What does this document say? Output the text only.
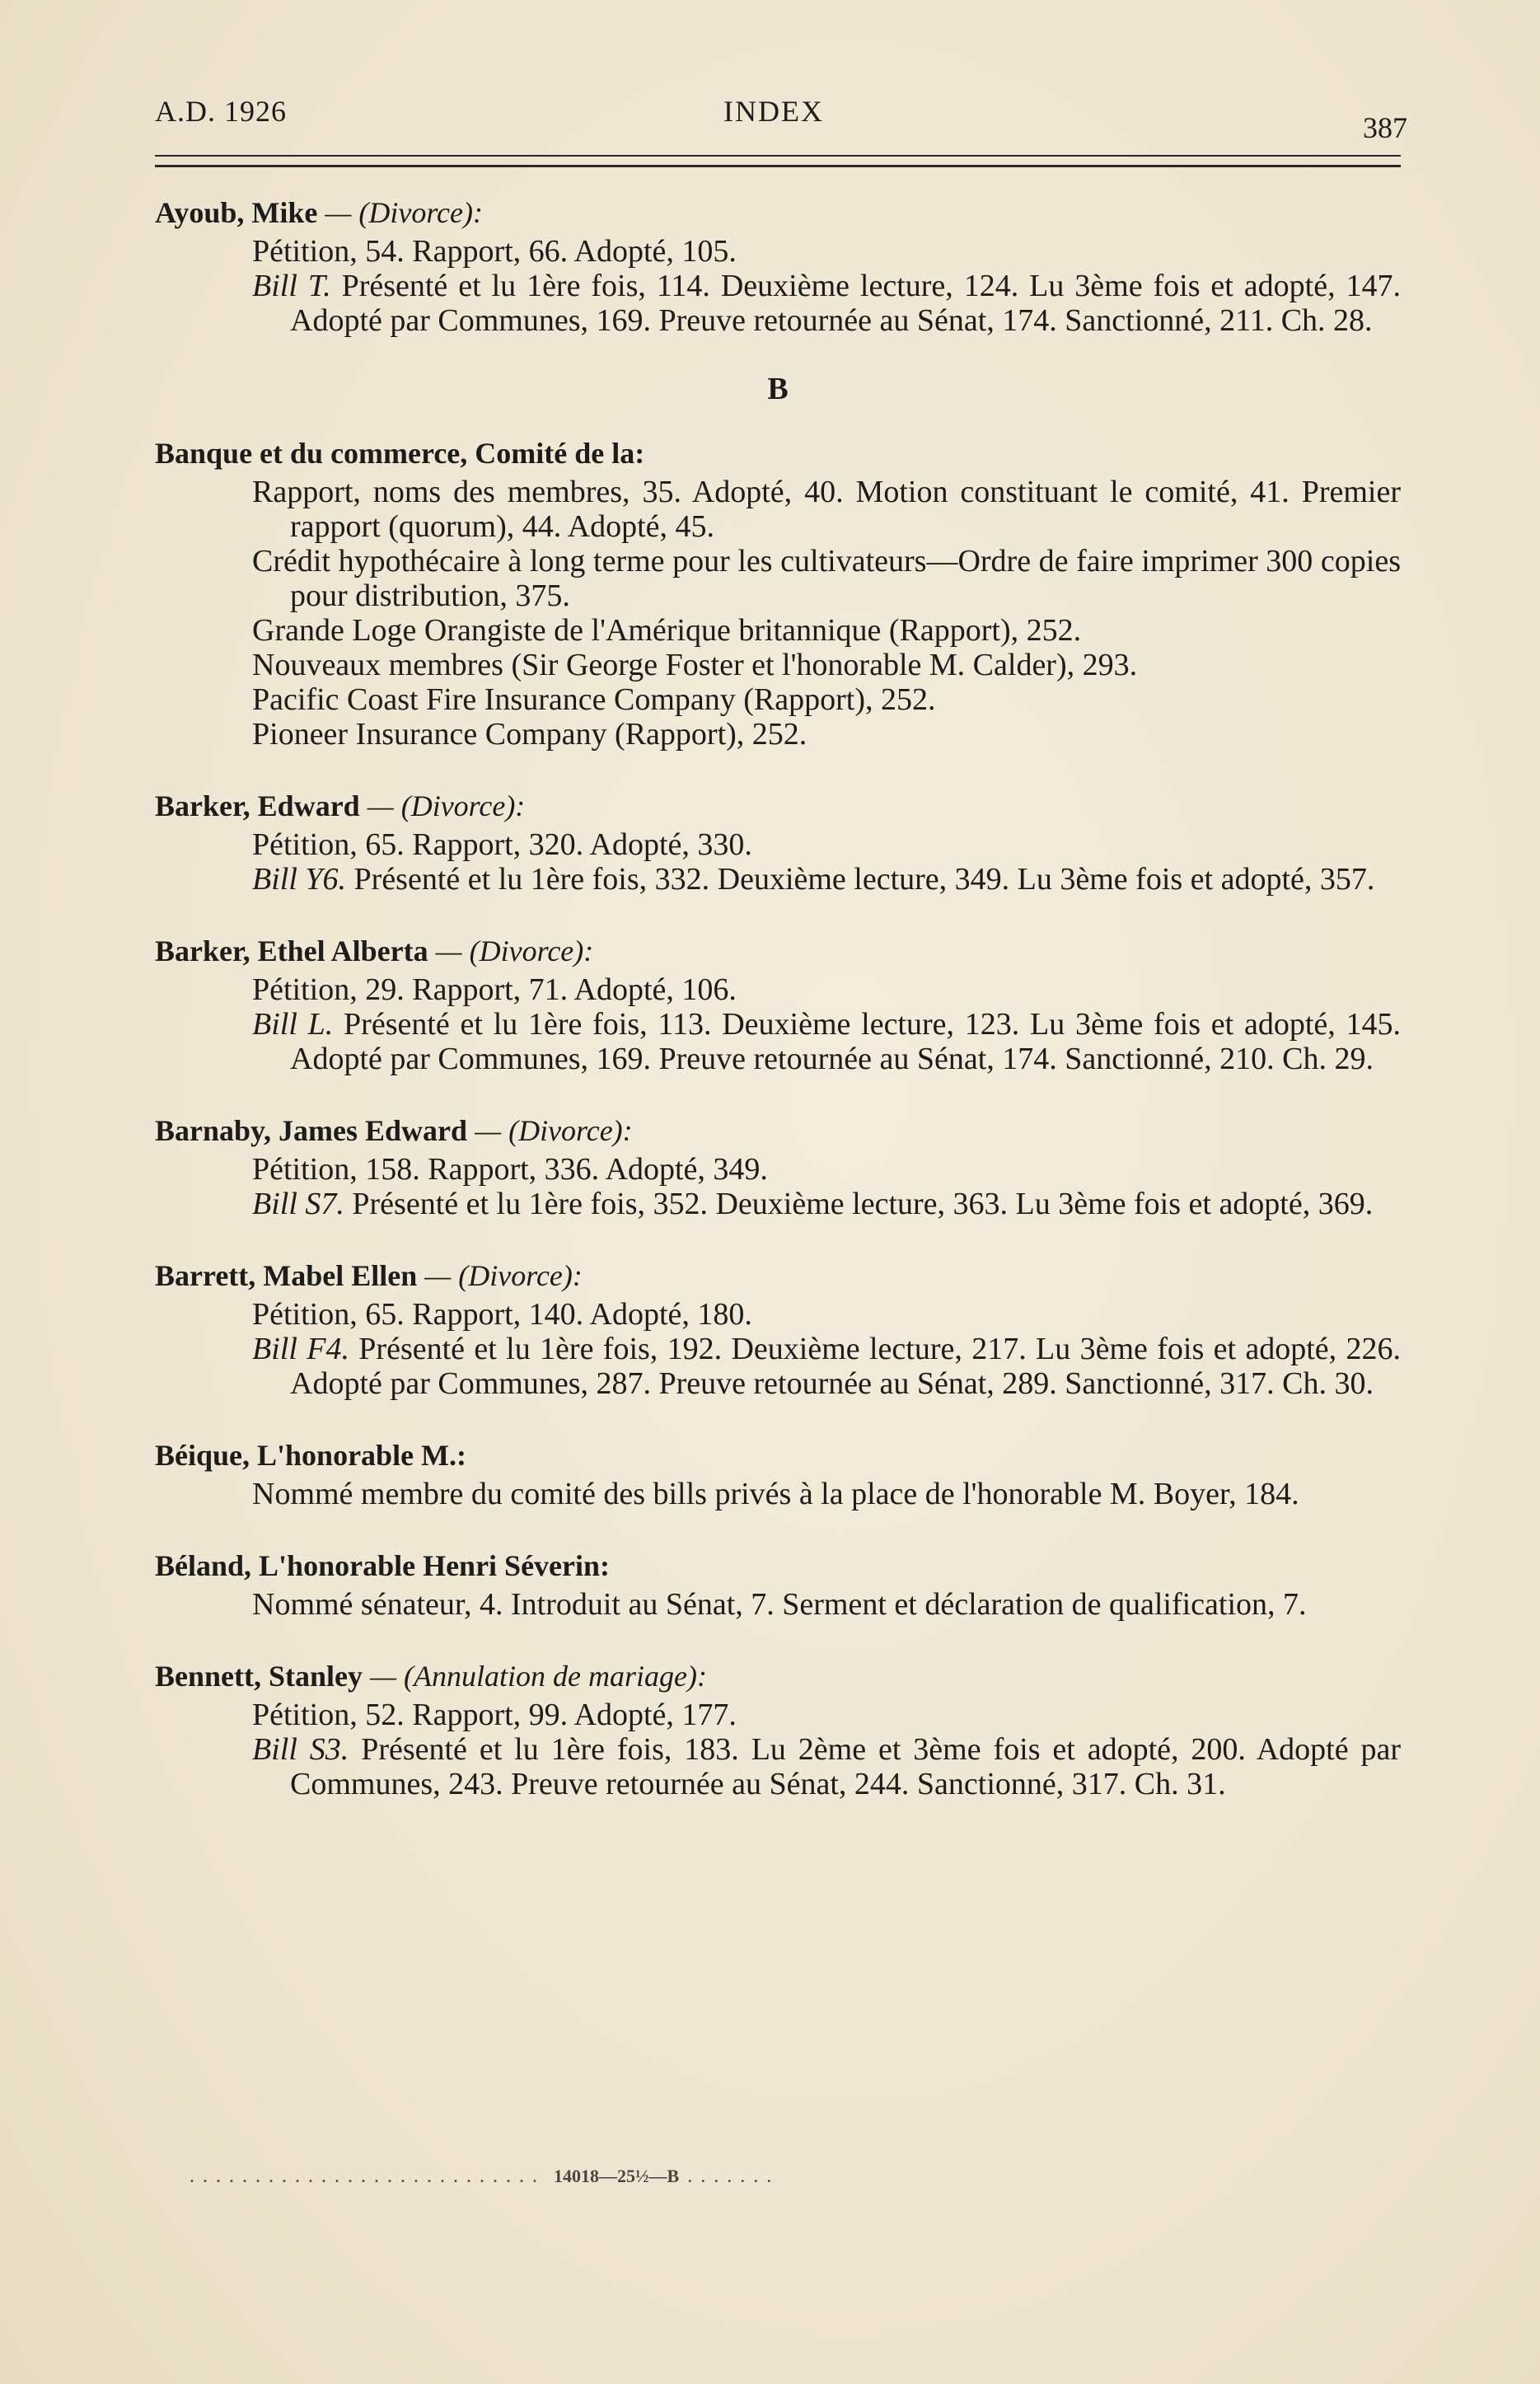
A.D. 1926	INDEX	387
Ayoub, Mike — (Divorce):
Pétition, 54. Rapport, 66. Adopté, 105.
Bill T. Présenté et lu 1ère fois, 114. Deuxième lecture, 124. Lu 3ème fois et adopté, 147. Adopté par Communes, 169. Preuve retournée au Sénat, 174. Sanctionné, 211. Ch. 28.
B
Banque et du commerce, Comité de la:
Rapport, noms des membres, 35. Adopté, 40. Motion constituant le comité, 41. Premier rapport (quorum), 44. Adopté, 45.
Crédit hypothécaire à long terme pour les cultivateurs—Ordre de faire imprimer 300 copies pour distribution, 375.
Grande Loge Orangiste de l'Amérique britannique (Rapport), 252.
Nouveaux membres (Sir George Foster et l'honorable M. Calder), 293.
Pacific Coast Fire Insurance Company (Rapport), 252.
Pioneer Insurance Company (Rapport), 252.
Barker, Edward — (Divorce):
Pétition, 65. Rapport, 320. Adopté, 330.
Bill Y6. Présenté et lu 1ère fois, 332. Deuxième lecture, 349. Lu 3ème fois et adopté, 357.
Barker, Ethel Alberta — (Divorce):
Pétition, 29. Rapport, 71. Adopté, 106.
Bill L. Présenté et lu 1ère fois, 113. Deuxième lecture, 123. Lu 3ème fois et adopté, 145. Adopté par Communes, 169. Preuve retournée au Sénat, 174. Sanctionné, 210. Ch. 29.
Barnaby, James Edward — (Divorce):
Pétition, 158. Rapport, 336. Adopté, 349.
Bill S7. Présenté et lu 1ère fois, 352. Deuxième lecture, 363. Lu 3ème fois et adopté, 369.
Barrett, Mabel Ellen — (Divorce):
Pétition, 65. Rapport, 140. Adopté, 180.
Bill F4. Présenté et lu 1ère fois, 192. Deuxième lecture, 217. Lu 3ème fois et adopté, 226. Adopté par Communes, 287. Preuve retournée au Sénat, 289. Sanctionné, 317. Ch. 30.
Béique, L'honorable M.:
Nommé membre du comité des bills privés à la place de l'honorable M. Boyer, 184.
Béland, L'honorable Henri Séverin:
Nommé sénateur, 4. Introduit au Sénat, 7. Serment et déclaration de qualification, 7.
Bennett, Stanley — (Annulation de mariage):
Pétition, 52. Rapport, 99. Adopté, 177.
Bill S3. Présenté et lu 1ère fois, 183. Lu 2ème et 3ème fois et adopté, 200. Adopté par Communes, 243. Preuve retournée au Sénat, 244. Sanctionné, 317. Ch. 31.
........................... 14018—25½—B .......
